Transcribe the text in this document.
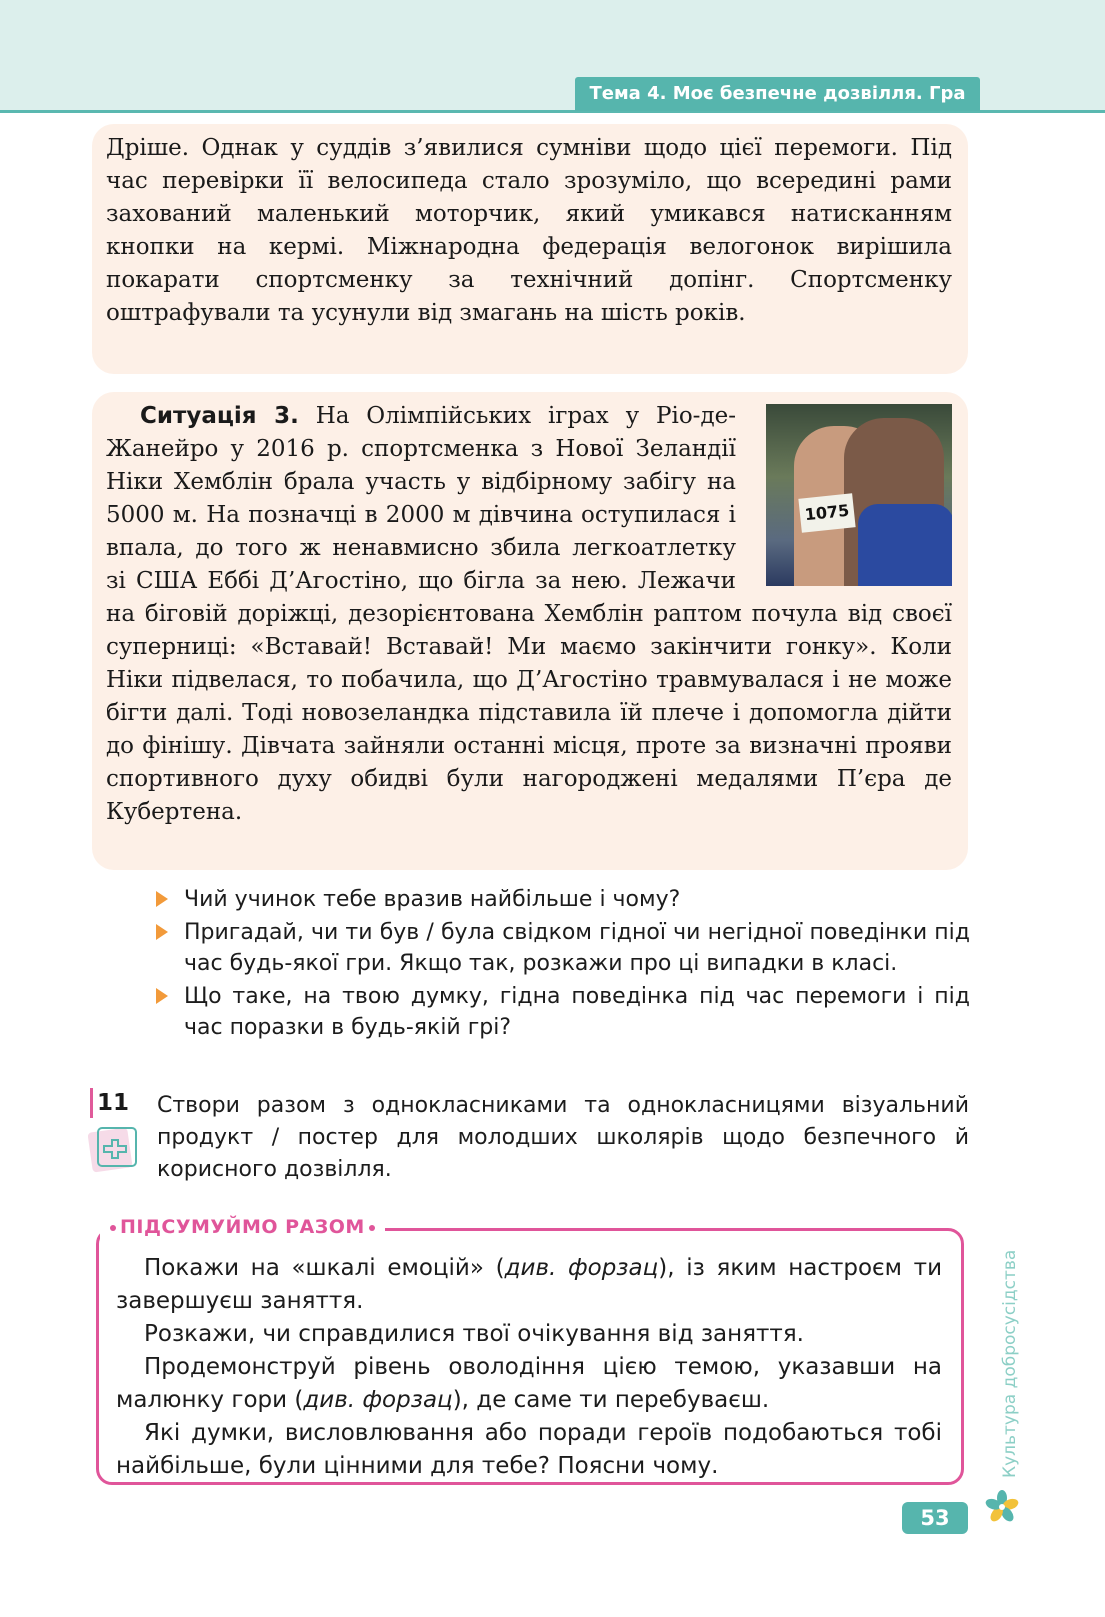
Тема 4. Моє безпечне дозвілля. Гра

Дріше. Однак у суддів з’явилися сумніви щодо цієї перемоги. Під час перевірки її велосипеда стало зрозуміло, що всередині рами захований маленький моторчик, який умикався натисканням кнопки на кермі. Міжнародна федерація велогонок вирішила покарати спортсменку за технічний допінг. Спортсменку оштрафували та усунули від змагань на шість років.

1075
Ситуація 3. На Олімпійських іграх у Ріо-де-Жанейро у 2016 р. спортсменка з Нової Зеландії Ніки Хемблін брала участь у відбірному забігу на 5000 м. На позначці в 2000 м дівчина оступилася і впала, до того ж ненавмисно збила легкоатлетку зі США Еббі Д’Агостіно, що бігла за нею. Лежачи на біговій доріжці, дезорієнтована Хемблін раптом почула від своєї суперниці: «Вставай! Вставай! Ми маємо закінчити гонку». Коли Ніки підвелася, то побачила, що Д’Агостіно травмувалася і не може бігти далі. Тоді новозеландка підставила їй плече і допомогла дійти до фінішу. Дівчата зайняли останні місця, проте за визначні прояви спортивного духу обидві були нагороджені медалями П’єра де Кубертена.

Чий учинок тебе вразив найбільше і чому?
Пригадай, чи ти був / була свідком гідної чи негідної поведінки під час будь-якої гри. Якщо так, розкажи про ці випадки в класі.
Що таке, на твою думку, гідна поведінка під час перемоги і під час поразки в будь-якій грі?
11 Створи разом з однокласниками та однокласницями візуальний продукт / постер для молодших школярів щодо безпечного й корисного дозвілля.

ПІДСУМУЙМО РАЗОМ
Покажи на «шкалі емоцій» (див. форзац), із яким настроєм ти завершуєш заняття.
Розкажи, чи справдилися твої очікування від заняття.
Продемонструй рівень оволодіння цією темою, указавши на малюнку гори (див. форзац), де саме ти перебуваєш.
Які думки, висловлювання або поради героїв подобаються тобі найбільше, були цінними для тебе? Поясни чому.	Культура добросусідства
53
